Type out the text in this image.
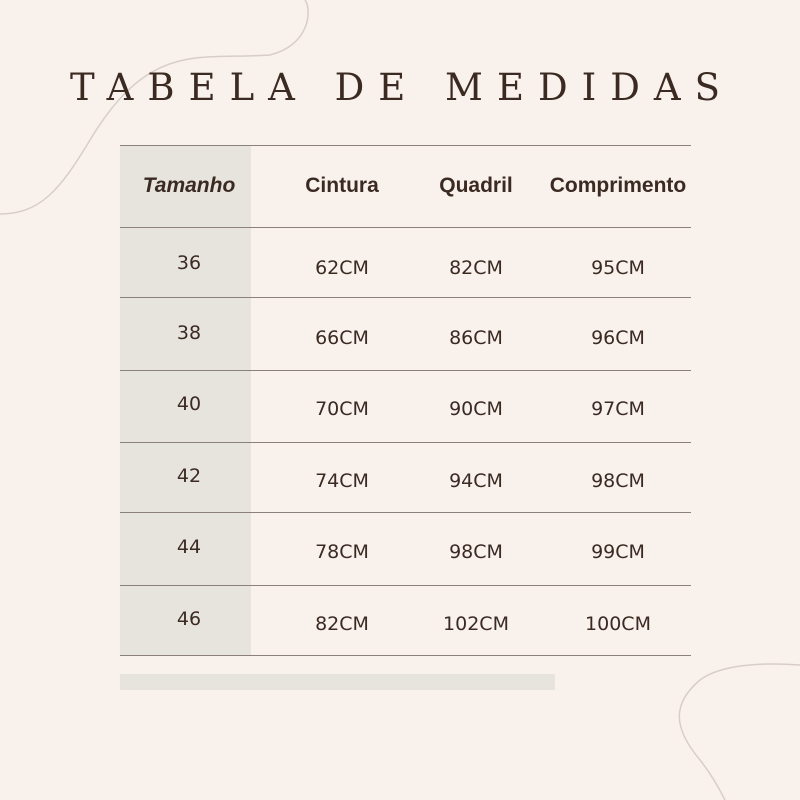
TABELA DE MEDIDAS
Tamanho	Cintura	Quadril	Comprimento
36	62CM	82CM	95CM
38	66CM	86CM	96CM
40	70CM	90CM	97CM
42	74CM	94CM	98CM
44	78CM	98CM	99CM
46	82CM	102CM	100CM
